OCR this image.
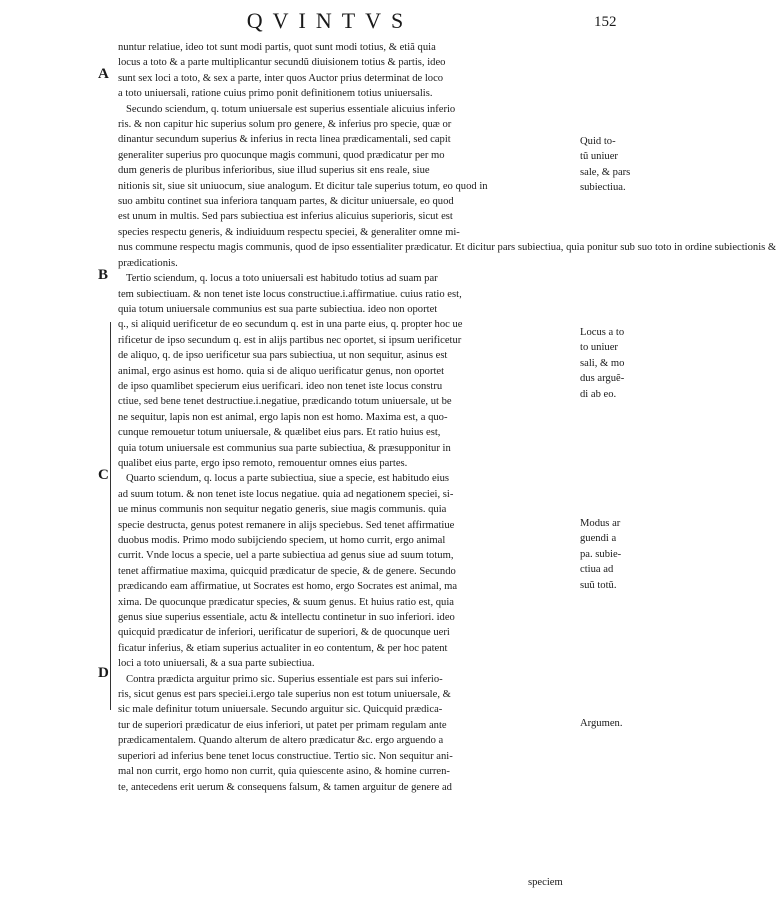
QVINTVS	152
A
B
C
D
nuntur relatiue, ideo tot sunt modi partis, quot sunt modi totius, & etiã quia
locus a toto & a parte multiplicantur secundũ diuisionem totius & partis, ideo
sunt sex loci a toto, & sex a parte, inter quos Auctor prius determinat de loco
a toto uniuersali, ratione cuius primo ponit definitionem totius uniuersalis.
Secundo sciendum, q. totum uniuersale est superius essentiale alicuius inferio
ris. & non capitur hic superius solum pro genere, & inferius pro specie, quæ or
dinantur secundum superius & inferius in recta linea prædicamentali, sed capit
generaliter superius pro quocunque magis communi, quod prædicatur per mo
dum generis de pluribus inferioribus, siue illud superius sit ens reale, siue
nitionis sit, siue sit uniuocum, siue analogum. Et dicitur tale superius totum, eo quod in
suo ambitu continet sua inferiora tanquam partes, & dicitur uniuersale, eo quod
est unum in multis. Sed pars subiectiua est inferius alicuius superioris, sicut est
species respectu generis, & indiuiduum respectu speciei, & generaliter omne mi-
nus commune respectu magis communis, quod de ipso essentialiter prædicatur. Et dicitur pars subiectiua, quia ponitur sub suo toto in ordine subiectionis &
prædicationis.
Tertio sciendum, q. locus a toto uniuersali est habitudo totius ad suam par
tem subiectiuam. & non tenet iste locus constructiue.i.affirmatiue. cuius ratio est,
quia totum uniuersale communius est sua parte subiectiua. ideo non oportet
q., si aliquid uerificetur de eo secundum q. est in una parte eius, q. propter hoc ue
rificetur de ipso secundum q. est in alijs partibus nec oportet, si ipsum uerificetur
de aliquo, q. de ipso uerificetur sua pars subiectiua, ut non sequitur, asinus est
animal, ergo asinus est homo. quia si de aliquo uerificatur genus, non oportet
de ipso quamlibet specierum eius uerificari. ideo non tenet iste locus constru
ctiue, sed bene tenet destructiue.i.negatiue, prædicando totum uniuersale, ut be
ne sequitur, lapis non est animal, ergo lapis non est homo. Maxima est, a quo-
cunque remouetur totum uniuersale, & quælibet eius pars. Et ratio huius est,
quia totum uniuersale est communius sua parte subiectiua, & præsupponitur in
qualibet eius parte, ergo ipso remoto, remouentur omnes eius partes.
Quarto sciendum, q. locus a parte subiectiua, siue a specie, est habitudo eius
ad suum totum. & non tenet iste locus negatiue. quia ad negationem speciei, si-
ue minus communis non sequitur negatio generis, siue magis communis. quia
specie destructa, genus potest remanere in alijs speciebus. Sed tenet affirmatiue
duobus modis. Primo modo subijciendo speciem, ut homo currit, ergo animal
currit. Vnde locus a specie, uel a parte subiectiua ad genus siue ad suum totum,
tenet affirmatiue maxima, quicquid prædicatur de specie, & de genere. Secundo
prædicando eam affirmatiue, ut Socrates est homo, ergo Socrates est animal, ma
xima. De quocunque prædicatur species, & suum genus. Et huius ratio est, quia
genus siue superius essentiale, actu & intellectu continetur in suo inferiori. ideo
quicquid prædicatur de inferiori, uerificatur de superiori, & de quocunque ueri
ficatur inferius, & etiam superius actualiter in eo contentum, & per hoc patent
loci a toto uniuersali, & a sua parte subiectiua.
Contra prædicta arguitur primo sic. Superius essentiale est pars sui inferio-
ris, sicut genus est pars speciei.i.ergo tale superius non est totum uniuersale, &
sic male definitur totum uniuersale. Secundo arguitur sic. Quicquid prædica-
tur de superiori prædicatur de eius inferiori, ut patet per primam regulam ante
prædicamentalem. Quando alterum de altero prædicatur &c. ergo arguendo a
superiori ad inferius bene tenet locus constructiue. Tertio sic. Non sequitur ani-
mal non currit, ergo homo non currit, quia quiescente asino, & homine curren-
te, antecedens erit uerum & consequens falsum, & tamen arguitur de genere ad
Quid to-
tũ uniuer
sale, & pars
subiectiua.
Locus a to
to uniuer
sali, & mo
dus arguẽ-
di ab eo.
Modus ar
guendi a
pa. subie-
ctiua ad
suũ totũ.
Argumen.
speciem
